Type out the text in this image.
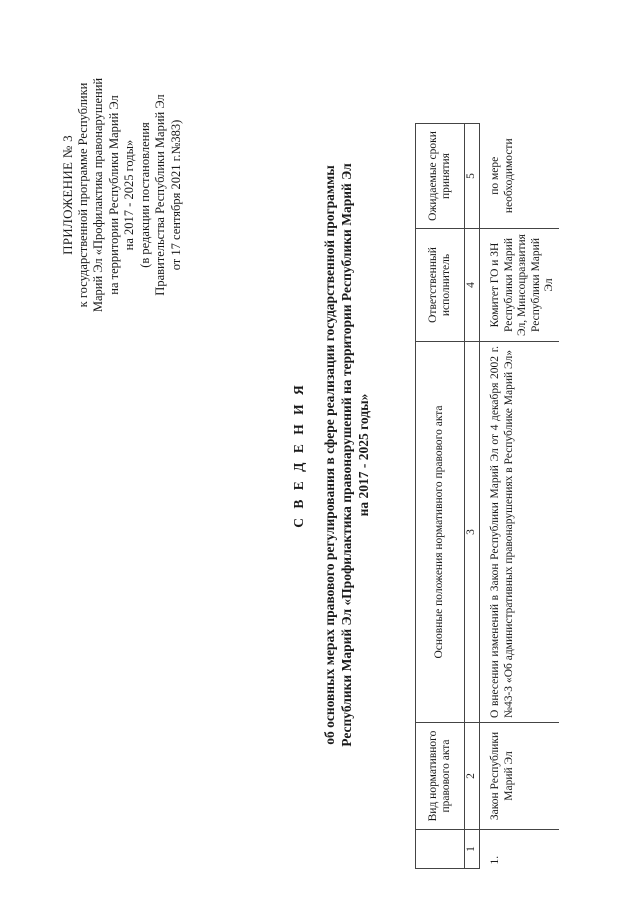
ПРИЛОЖЕНИЕ № 3 к государственной программе Республики Марий Эл «Профилактика правонарушений на территории Республики Марий Эл на 2017 - 2025 годы» (в редакции постановления Правительства Республики Марий Эл от 17 сентября 2021 г.№383)
С В Е Д Е Н И Я об основных мерах правового регулирования в сфере реализации государственной программы Республики Марий Эл «Профилактика правонарушений на территории Республики Марий Эл на 2017 - 2025 годы»
	Вид нормативного правового акта	Основные положения нормативного правового акта	Ответственный исполнитель	Ожидаемые сроки принятия
1	2	3	4	5
1.	Закон Республики Марий Эл	О внесении изменений в Закон Республики Марий Эл от 4 декабря 2002 г. №43-З «Об административных правонарушениях в Республике Марий Эл»	Комитет ГО и ЗН Республики Марий Эл, Минсоцразвития Республики Марий Эл	по мере необходимости
